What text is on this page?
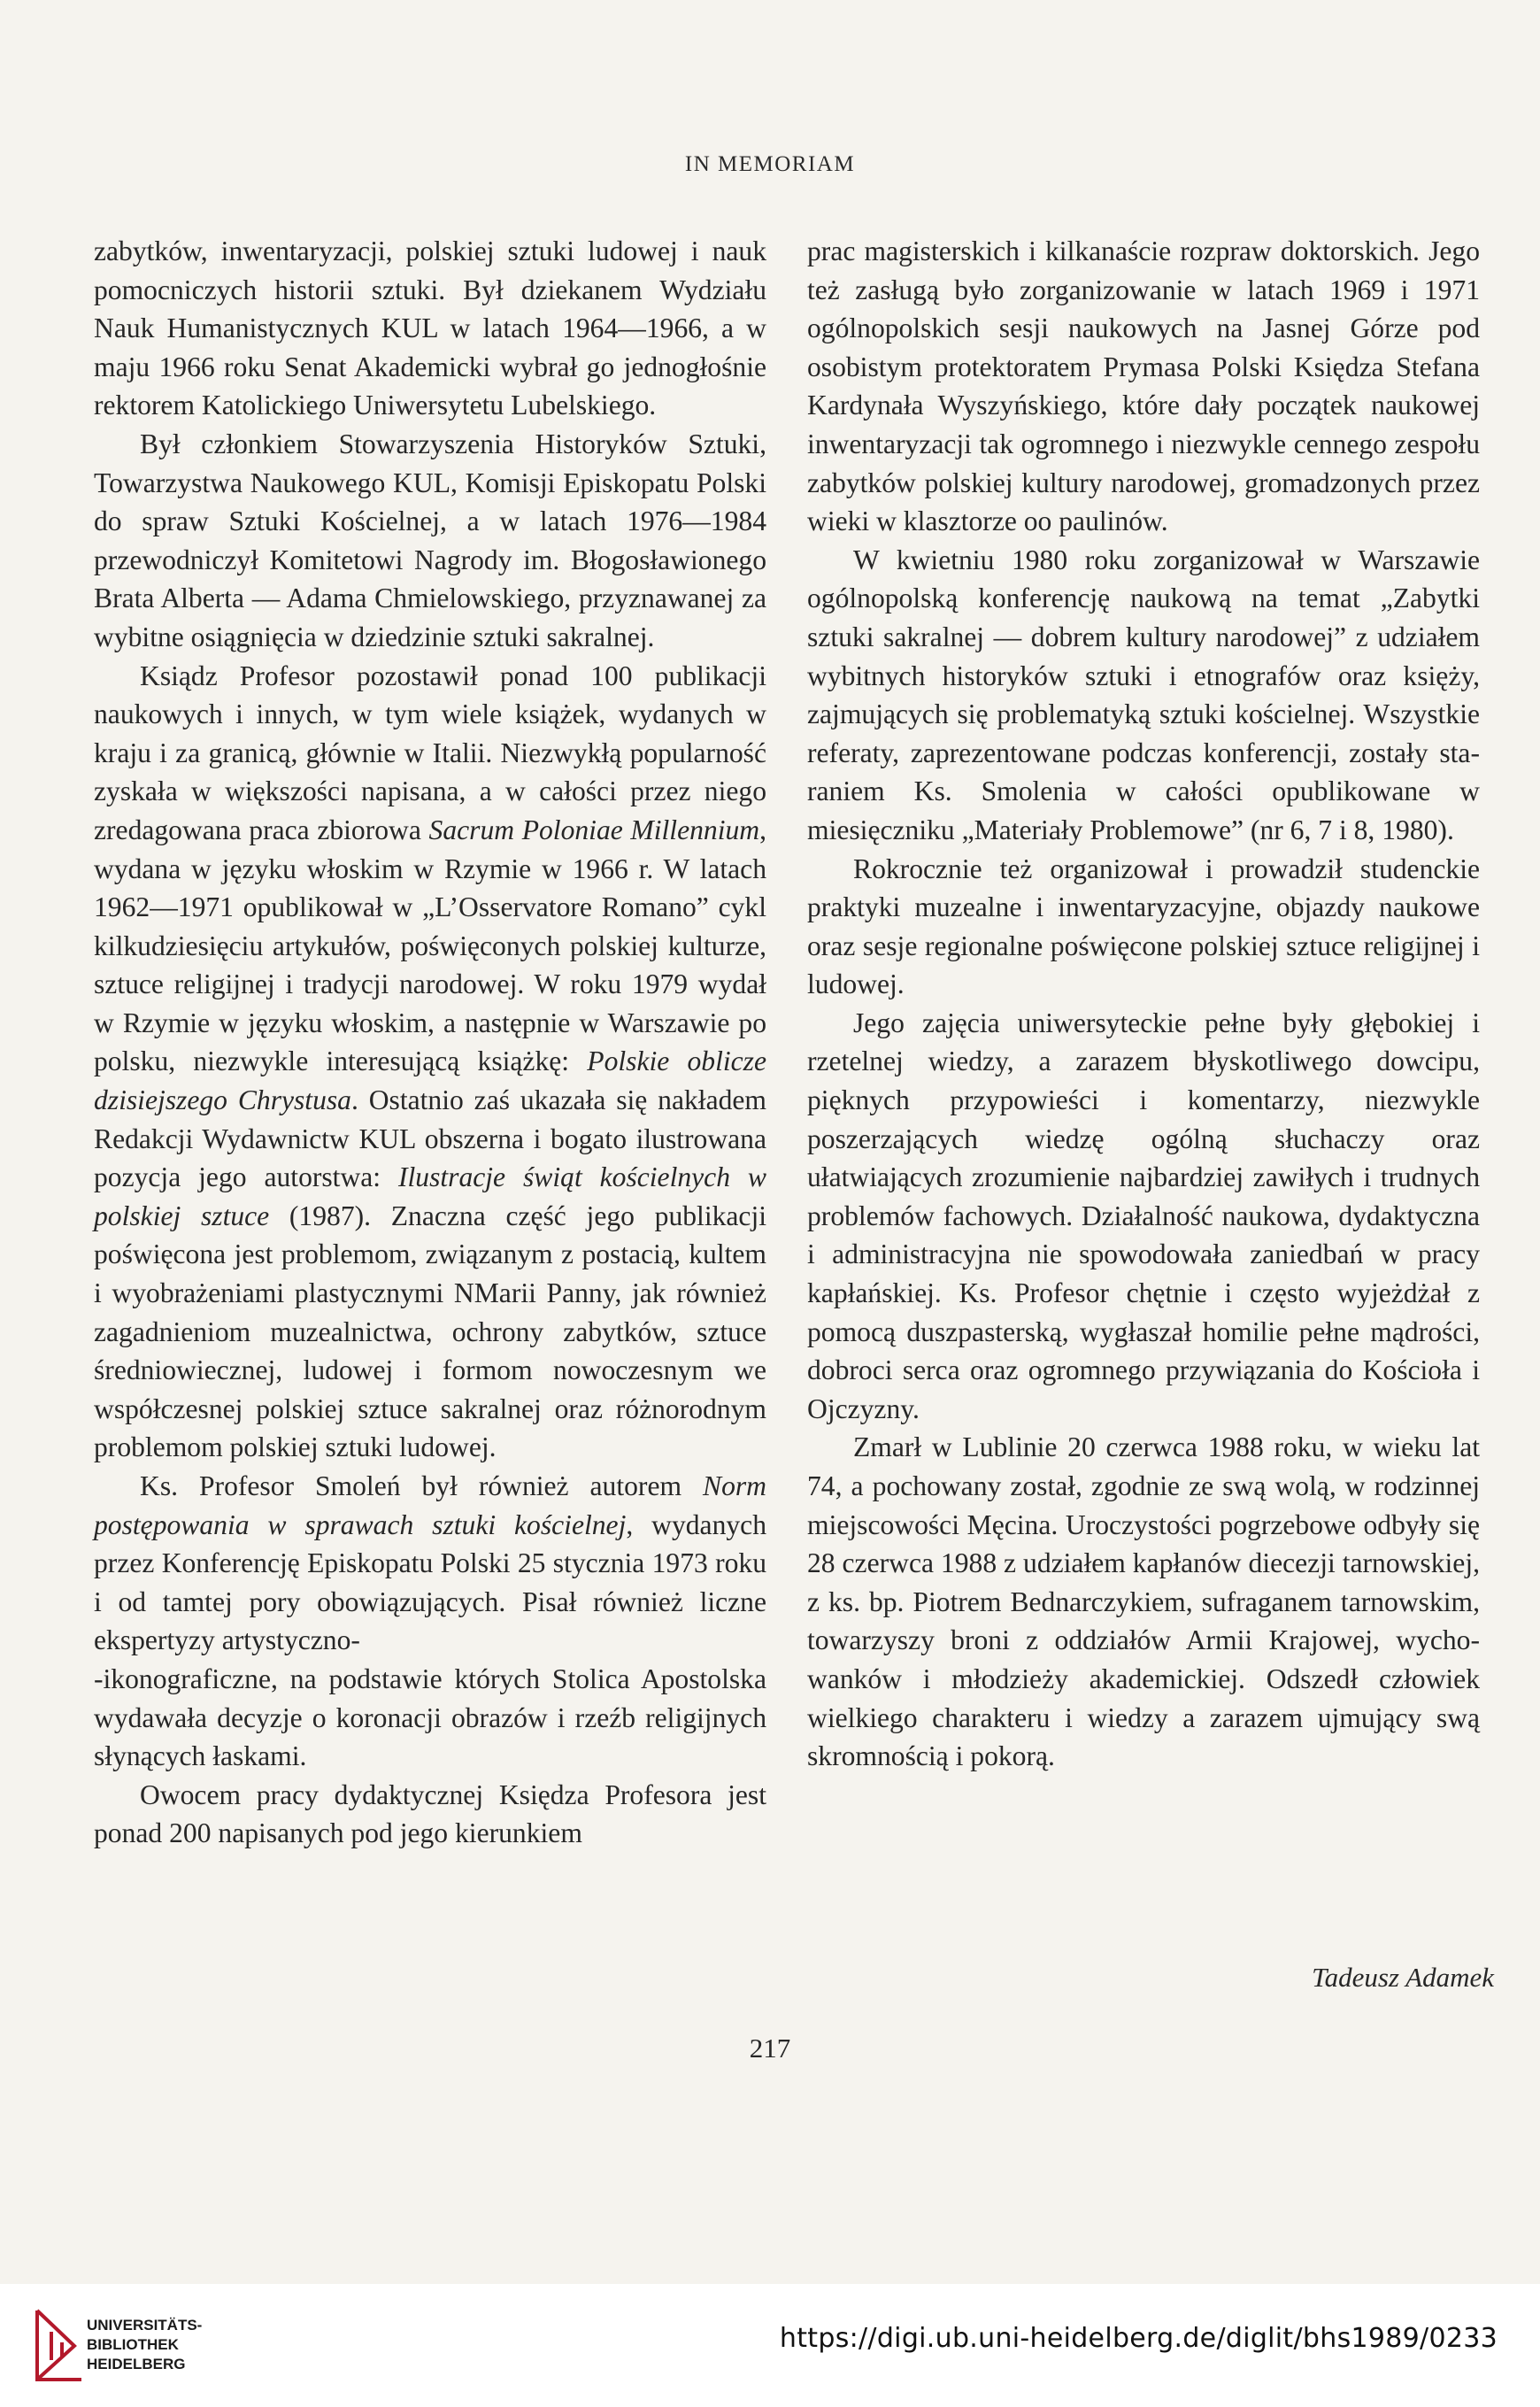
IN MEMORIAM

zabytków, inwentaryzacji, polskiej sztuki ludowej i nauk pomocniczych historii sztuki. Był dziekanem Wydziału Nauk Humanistycznych KUL w latach 1964—1966, a w maju 1966 roku Senat Akademicki wybrał go jednogłośnie rektorem Katolickiego Uniwersytetu Lubelskiego.

Był członkiem Stowarzyszenia Historyków Sztuki, Towarzystwa Naukowego KUL, Komisji Episkopatu Polski do spraw Sztuki Kościelnej, a w latach 1976—1984 przewodniczył Komitetowi Nagrody im. Błogosławionego Brata Alberta — Adama Chmielowskiego, przyznawanej za wybitne osiągnięcia w dziedzinie sztuki sakralnej.

Ksiądz Profesor pozostawił ponad 100 publikacji naukowych i innych, w tym wiele książek, wydanych w kraju i za granicą, głównie w Italii. Niezwykłą popularność zyskała w większości napisana, a w całości przez niego zredagowana praca zbiorowa Sacrum Poloniae Millennium, wydana w języku włoskim w Rzymie w 1966 r. W latach 1962—1971 opublikował w „L’Osservatore Romano” cykl kilkudziesięciu artykułów, poświęconych polskiej kulturze, sztuce religijnej i tradycji narodowej. W roku 1979 wydał w Rzymie w języku włoskim, a następnie w Warszawie po polsku, niezwykle interesującą książkę: Polskie oblicze dzisiejszego Chrystusa. Ostatnio zaś ukazała się nakładem Redakcji Wydawnictw KUL obszerna i bogato ilustrowana pozycja jego autorstwa: Ilustracje świąt kościelnych w polskiej sztuce (1987). Znaczna część jego publikacji poświęcona jest problemom, związanym z postacią, kultem i wyobrażeniami plastycznymi NMarii Panny, jak również zagadnieniom muzealnictwa, ochrony zabytków, sztuce średniowiecznej, ludowej i formom nowoczesnym we współczesnej polskiej sztuce sakralnej oraz różnorodnym problemom polskiej sztuki ludowej.

Ks. Profesor Smoleń był również autorem Norm postępowania w sprawach sztuki kościelnej, wydanych przez Konferencję Episkopatu Polski 25 stycznia 1973 roku i od tamtej pory obowiązujących. Pisał również liczne ekspertyzy artystyczno-
-ikonograficzne, na podstawie których Stolica Apostolska wydawała decyzje o koronacji obrazów i rzeźb religijnych słynących łaskami.

Owocem pracy dydaktycznej Księdza Profesora jest ponad 200 napisanych pod jego kierunkiem

prac magisterskich i kilkanaście rozpraw doktorskich. Jego też zasługą było zorganizowanie w latach 1969 i 1971 ogólnopolskich sesji naukowych na Jasnej Górze pod osobistym protektoratem Prymasa Polski Księdza Stefana Kardynała Wyszyńskiego, które dały początek naukowej inwentaryzacji tak ogromnego i niezwykle cennego zespołu zabytków polskiej kultury narodowej, gromadzonych przez wieki w klasztorze oo paulinów.

W kwietniu 1980 roku zorganizował w Warszawie ogólnopolską konferencję naukową na temat „Zabytki sztuki sakralnej — dobrem kultury narodowej” z udziałem wybitnych historyków sztuki i etnografów oraz księży, zajmujących się problematyką sztuki kościelnej. Wszystkie referaty, zaprezentowane podczas konferencji, zostały staraniem Ks. Smolenia w całości opublikowane w miesięczniku „Materiały Problemowe” (nr 6, 7 i 8, 1980).

Rokrocznie też organizował i prowadził studenckie praktyki muzealne i inwentaryzacyjne, objazdy naukowe oraz sesje regionalne poświęcone polskiej sztuce religijnej i ludowej.

Jego zajęcia uniwersyteckie pełne były głębokiej i rzetelnej wiedzy, a zarazem błyskotliwego dowcipu, pięknych przypowieści i komentarzy, niezwykle poszerzających wiedzę ogólną słuchaczy oraz ułatwiających zrozumienie najbardziej zawiłych i trudnych problemów fachowych. Działalność naukowa, dydaktyczna i administracyjna nie spowodowała zaniedbań w pracy kapłańskiej. Ks. Profesor chętnie i często wyjeżdżał z pomocą duszpasterską, wygłaszał homilie pełne mądrości, dobroci serca oraz ogromnego przywiązania do Kościoła i Ojczyzny.

Zmarł w Lublinie 20 czerwca 1988 roku, w wieku lat 74, a pochowany został, zgodnie ze swą wolą, w rodzinnej miejscowości Męcina. Uroczystości pogrzebowe odbyły się 28 czerwca 1988 z udziałem kapłanów diecezji tarnowskiej, z ks. bp. Piotrem Bednarczykiem, sufraganem tarnowskim, towarzyszy broni z oddziałów Armii Krajowej, wychowanków i młodzieży akademickiej. Odszedł człowiek wielkiego charakteru i wiedzy a zarazem ujmujący swą skromnością i pokorą.

Tadeusz Adamek
217
UNIVERSITÄTS-
BIBLIOTHEK
HEIDELBERG
https://digi.ub.uni-heidelberg.de/diglit/bhs1989/0233
